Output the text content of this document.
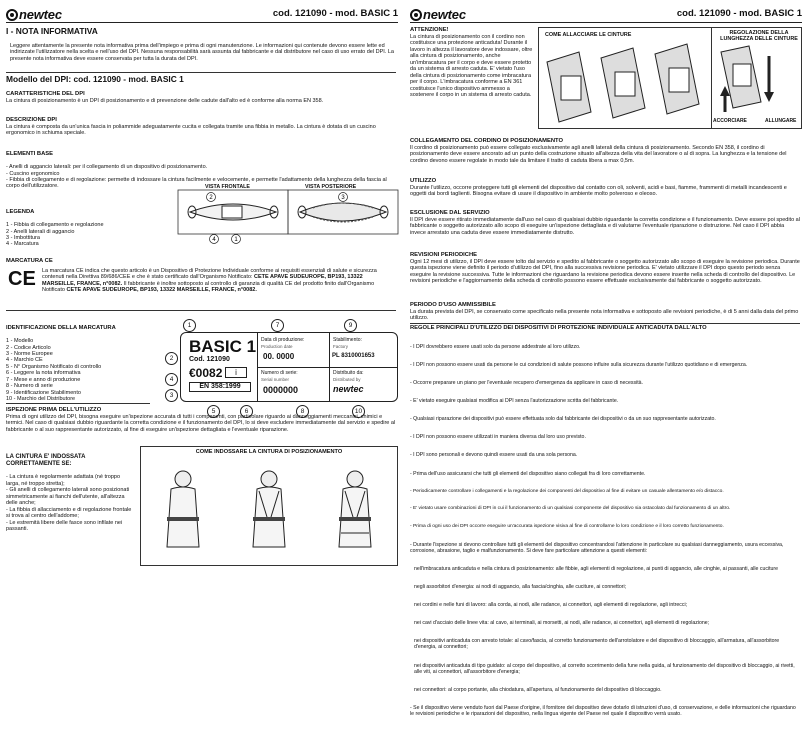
newtec	cod. 121090 - mod. BASIC 1
I - NOTA INFORMATIVA
Leggere attentamente la presente nota informativa prima dell'impiego e prima di ogni manutenzione. Le informazioni qui contenute devono essere lette ed indirizzate l'utilizzatore nella scelta e nell'uso del DPI. Nessuna responsabilità sarà assunta dal fabbricante e dal distributore nel caso di uso errato del DPI. La presente nota informativa deve essere conservata per tutta la durata del DPI.
Modello del DPI: cod. 121090 - mod. BASIC 1
CARATTERISTICHE DEL DPI
La cintura di posizionamento è un DPI di posizionamento e di prevenzione delle cadute dall'alto ed è conforme alla norma EN 358.
DESCRIZIONE DPI
La cintura è composta da un'unica fascia in poliammide adeguatamente cucita e collegata tramite una fibbia in metallo. La cintura è dotata di un cuscino ergonomico in schiuma speciale.

ELEMENTI BASE

- Anelli di aggancio laterali: per il collegamento di un dispositivo di posizionamento.
- Cuscino ergonomico
- Fibbia di collegamento e di regolazione: permette di indossare la cintura facilmente e velocemente, e permette l'adattamento della lunghezza della fascia al corpo dell'utilizzatore.	VISTA FRONTALE	VISTA POSTERIORE
2
1
4
3

LEGENDA

1 - Fibbia di collegamento e regolazione
2 - Anelli laterali di aggancio
3 - Imbottitura
4 - Marcatura

MARCATURA CE
CE La marcatura CE indica che questo articolo è un Dispositivo di Protezione Individuale conforme ai requisiti essenziali di salute e sicurezza contenuti nella Direttiva 89/686/CEE e che è stato certificato dall'Organismo Notificato: CETE APAVE SUDEUROPE, BP193, 13322 MARSEILLE, FRANCE, n°0082. Il fabbricante è inoltre sottoposto al controllo di garanzia di qualità CE del prodotto finito dall'Organismo Notificato CETE APAVE SUDEUROPE, BP193, 13322 MARSEILLE, FRANCE, n°0082.

IDENTIFICAZIONE DELLA MARCATURA

1 - Modello
2 - Codice Articolo
3 - Norme Europee
4 - Marchio CE
5 - N° Organismo Notificato di controllo
6 - Leggere la nota informativa
7 - Mese e anno di produzione
8 - Numero di serie
9 - Identificazione Stabilimento
10 - Marchio del Distributore

BASIC 1
Cod. 121090
€0082	i
EN 358:1999
Data di produzione:
Production date
00. 0000
Stabilimento:
Factory
PL 8310001653
Numero di serie:
Serial number
0000000
Distribuito da:
Distributed by
newtec
1	7	9
2
4
3
5	6	8	10
ISPEZIONE PRIMA DELL'UTILIZZO
Prima di ogni utilizzo del DPI, bisogna eseguire un'ispezione accurata di tutti i componenti, con particolare riguardo ai danneggiamenti meccanici, chimici e termici. Nel caso di qualsiasi dubbio riguardante la corretta condizione e il funzionamento del DPI, lo si deve escludere immediatamente dal servizio e spedire al fabbricante o al suo rappresentante autorizzato, al fine di eseguire un'ispezione dettagliata e l'eventuale riparazione.

LA CINTURA E' INDOSSATA CORRETTAMENTE SE:

- La cintura è regolarmente adattata (né troppo larga, né troppo stretta);
- Gli anelli di collegamento laterali sono posizionati simmetricamente ai fianchi dell'utente, all'altezza delle anche;
- La fibbia di allacciamento e di regolazione frontale si trova al centro dell'addome;
- Le estremità libere delle fasce sono infilate nei passanti.

COME INDOSSARE LA CINTURA DI POSIZIONAMENTO
newtec	cod. 121090 - mod. BASIC 1
ATTENZIONE!
La cintura di posizionamento con il cordino non costituisce una protezione anticaduta! Durante il lavoro in altezza il lavoratore deve indossare, oltre alla cintura di posizionamento, anche un'imbracatura per il corpo e deve essere protetto da un sistema di arresto caduta. E' vietato l'uso della cintura di posizionamento come imbracatura per il corpo. L'imbracatura conforme a EN 361 costituisce l'unico dispositivo ammesso a sostenere il corpo in un sistema di arresto caduta.
COME ALLACCIARE LE CINTURE	REGOLAZIONE DELLA LUNGHEZZA DELLE CINTURE
ACCORCIARE	ALLUNGARE
COLLEGAMENTO DEL CORDINO DI POSIZIONAMENTO
Il cordino di posizionamento può essere collegato esclusivamente agli anelli laterali della cintura di posizionamento. Secondo EN 358, il cordino di posizionamento deve essere ancorato ad un punto della costruzione situato all'altezza della vita del lavoratore o al di sopra. La lunghezza e la tensione del cordino devono essere regolate in modo tale da limitare il tratto di caduta libera a max 0,5m.
UTILIZZO
Durante l'utilizzo, occorre proteggere tutti gli elementi del dispositivo dal contatto con oli, solventi, acidi e basi, fiamme, frammenti di metalli incandescenti e oggetti dai bordi taglienti. Bisogna evitare di usare il dispositivo in ambiente molto polveroso e oleoso.
ESCLUSIONE DAL SERVIZIO
Il DPI deve essere ritirato immediatamente dall'uso nel caso di qualsiasi dubbio riguardante la corretta condizione e il funzionamento. Deve essere poi spedito al fabbricante o soggetto autorizzato allo scopo di eseguire un'ispezione dettagliata e di valutarne l'eventuale riparazione o distruzione. Nel caso il DPI abbia invece arrestato una caduta deve essere immediatamente distrutto.
REVISIONI PERIODICHE
Ogni 12 mesi di utilizzo, il DPI deve essere tolto dal servizio e spedito al fabbricante o soggetto autorizzato allo scopo di eseguire la revisione periodica. Durante questa ispezione viene definito il periodo d'utilizzo del DPI, fino alla successiva revisione periodica. E' vietato utilizzare il DPI dopo questo periodo senza eseguire la revisione successiva. Tutte le informazioni che riguardano la revisione periodica devono essere inserite nella scheda di controllo del dispositivo. Le revisioni periodiche e l'aggiornamento della scheda di controllo possono essere effettuate esclusivamente dal fabbricante o soggetto autorizzato.
PERIODO D'USO AMMISSIBILE
La durata prevista del DPI, se conservato come specificato nella presente nota informativa e sottoposto alle revisioni periodiche, è di 5 anni dalla data del primo utilizzo.
REGOLE PRINCIPALI D'UTILIZZO DEI DISPOSITIVI DI PROTEZIONE INDIVIDUALE ANTICADUTA DALL'ALTO

- I DPI dovrebbero essere usati solo da persone addestrate al loro utilizzo.

- I DPI non possono essere usati da persone le cui condizioni di salute possono influire sulla sicurezza durante l'utilizzo quotidiano e di emergenza.

- Occorre preparare un piano per l'eventuale recupero d'emergenza da applicare in caso di necessità.

- E' vietato eseguire qualsiasi modifica ai DPI senza l'autorizzazione scritta del fabbricante.

- Qualsiasi riparazione dei dispositivi può essere effettuata solo dal fabbricante dei dispositivi o da un suo rappresentante autorizzato.

- I DPI non possono essere utilizzati in maniera diversa dal loro uso previsto.

- I DPI sono personali e devono quindi essere usati da una sola persona.

- Prima dell'uso assicurarsi che tutti gli elementi del dispositivo siano collegati fra di loro correttamente.

- Periodicamente controllare i collegamenti e la regolazione dei componenti del dispositivo al fine di evitare un casuale allentamento e/o distacco.

- E' vietato usare combinazioni di DPI in cui il funzionamento di un qualsiasi componente del dispositivo sia ostacolato dal funzionamento di un altro.

- Prima di ogni uso dei DPI occorre eseguire un'accurata ispezione visiva al fine di controllarne lo loro condizione e il loro corretto funzionamento.

- Durante l'ispezione si devono controllare tutti gli elementi del dispositivo concentrandosi l'attenzione in particolare su qualsiasi danneggiamento, usura eccessiva, corrosione, abrasione, taglio e malfunzionamento. Si deve fare particolare attenzione a questi elementi:

nell'imbracatura anticaduta e nella cintura di posizionamento: alle fibbie, agli elementi di regolazione, ai punti di aggancio, alle cinghie, ai passanti, alle cuciture

negli assorbitori d'energia: ai nodi di aggancio, alla fascia/cinghia, alle cuciture, ai connettori;

nei cordini e nelle funi di lavoro: alla corda, ai nodi, alle radance, ai connettori, agli elementi di regolazione, agli intrecci;

nei cavi d'acciaio delle linee vita: al cavo, ai terminali, ai morsetti, ai nodi, alle radance, ai connettori, agli elementi di regolazione;

nei dispositivi anticaduta con arresto totale: al cavo/fascia, al corretto funzionamento dell'arrotolatore e del dispositivo di bloccaggio, all'armatura, all'assorbitore d'energia, ai connettori;

nei dispositivi anticaduta di tipo guidato: al corpo del dispositivo, al corretto scorrimento della fune nella guida, al funzionamento del dispositivo di bloccaggio, ai rivetti, alle viti, ai connettori, all'assorbitore d'energia;

nei connettori: al corpo portante, alla chiodatura, all'apertura, al funzionamento del dispositivo di bloccaggio.

- Se il dispositivo viene venduto fuori dal Paese d'origine, il fornitore del dispositivo deve dotarlo di istruzioni d'uso, di conservazione, e delle informazioni che riguardano le revisioni periodiche e le riparazioni del dispositivo, nella lingua vigente del Paese nel quale il dispositivo verrà usato.
